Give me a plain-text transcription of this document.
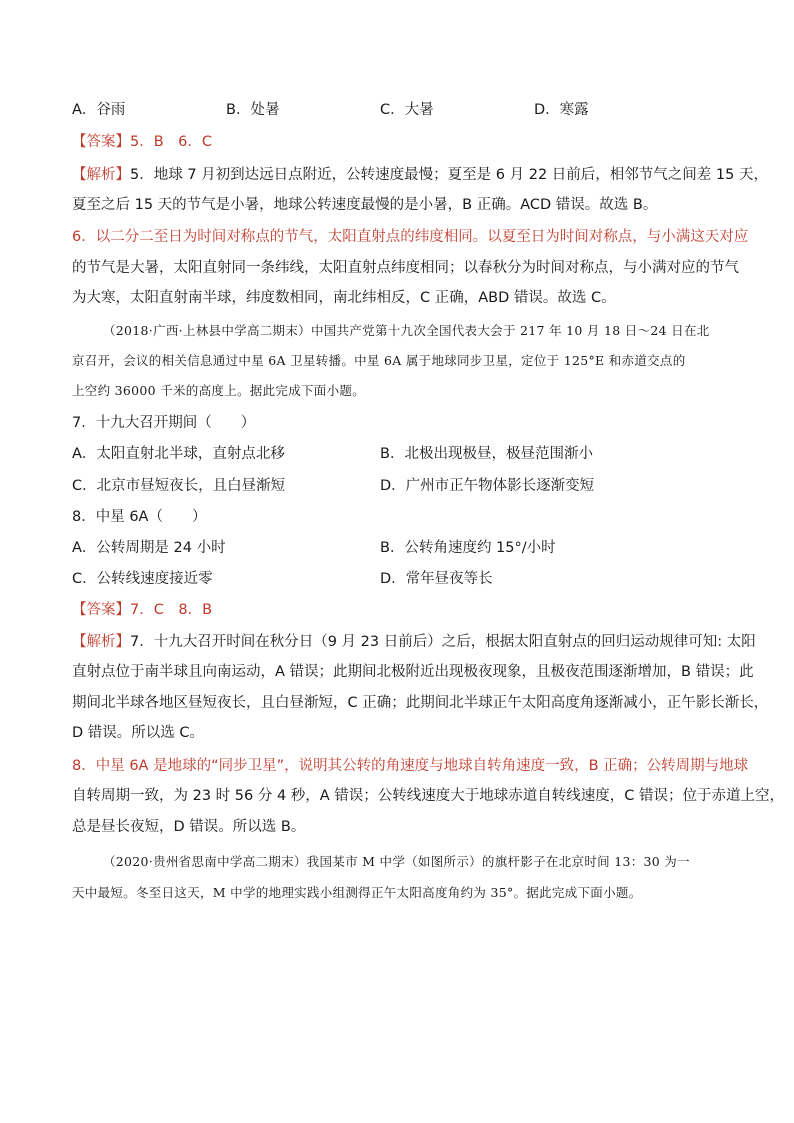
A．谷雨	B．处暑	C．大暑	D．寒露
【答案】5．B　6．C
【解析】5．地球 7 月初到达远日点附近，公转速度最慢；夏至是 6 月 22 日前后，相邻节气之间差 15 天，
夏至之后 15 天的节气是小暑，地球公转速度最慢的是小暑，B 正确。ACD 错误。故选 B。
6．以二分二至日为时间对称点的节气，太阳直射点的纬度相同。以夏至日为时间对称点，与小满这天对应
的节气是大暑，太阳直射同一条纬线，太阳直射点纬度相同；以春秋分为时间对称点，与小满对应的节气
为大寒，太阳直射南半球，纬度数相同，南北纬相反，C 正确，ABD 错误。故选 C。
（2018·广西·上林县中学高二期末）中国共产党第十九次全国代表大会于 217 年 10 月 18 日～24 日在北
京召开，会议的相关信息通过中星 6A 卫星转播。中星 6A 属于地球同步卫星，定位于 125°E 和赤道交点的
上空约 36000 千米的高度上。据此完成下面小题。
7．十九大召开期间（　　）
A．太阳直射北半球，直射点北移	B．北极出现极昼，极昼范围渐小
C．北京市昼短夜长，且白昼渐短	D．广州市正午物体影长逐渐变短
8．中星 6A（　　）
A．公转周期是 24 小时	B．公转角速度约 15°/小时
C．公转线速度接近零	D．常年昼夜等长
【答案】7．C　8．B
【解析】7．十九大召开时间在秋分日（9 月 23 日前后）之后，根据太阳直射点的回归运动规律可知: 太阳
直射点位于南半球且向南运动，A 错误；此期间北极附近出现极夜现象，且极夜范围逐渐增加，B 错误；此
期间北半球各地区昼短夜长，且白昼渐短，C 正确；此期间北半球正午太阳高度角逐渐减小，正午影长渐长，
D 错误。所以选 C。
8．中星 6A 是地球的“同步卫星”，说明其公转的角速度与地球自转角速度一致，B 正确；公转周期与地球
自转周期一致，为 23 时 56 分 4 秒，A 错误；公转线速度大于地球赤道自转线速度，C 错误；位于赤道上空，
总是昼长夜短，D 错误。所以选 B。
（2020·贵州省思南中学高二期末）我国某市 M 中学（如图所示）的旗杆影子在北京时间 13：30 为一
天中最短。冬至日这天，M 中学的地理实践小组测得正午太阳高度角约为 35°。据此完成下面小题。
